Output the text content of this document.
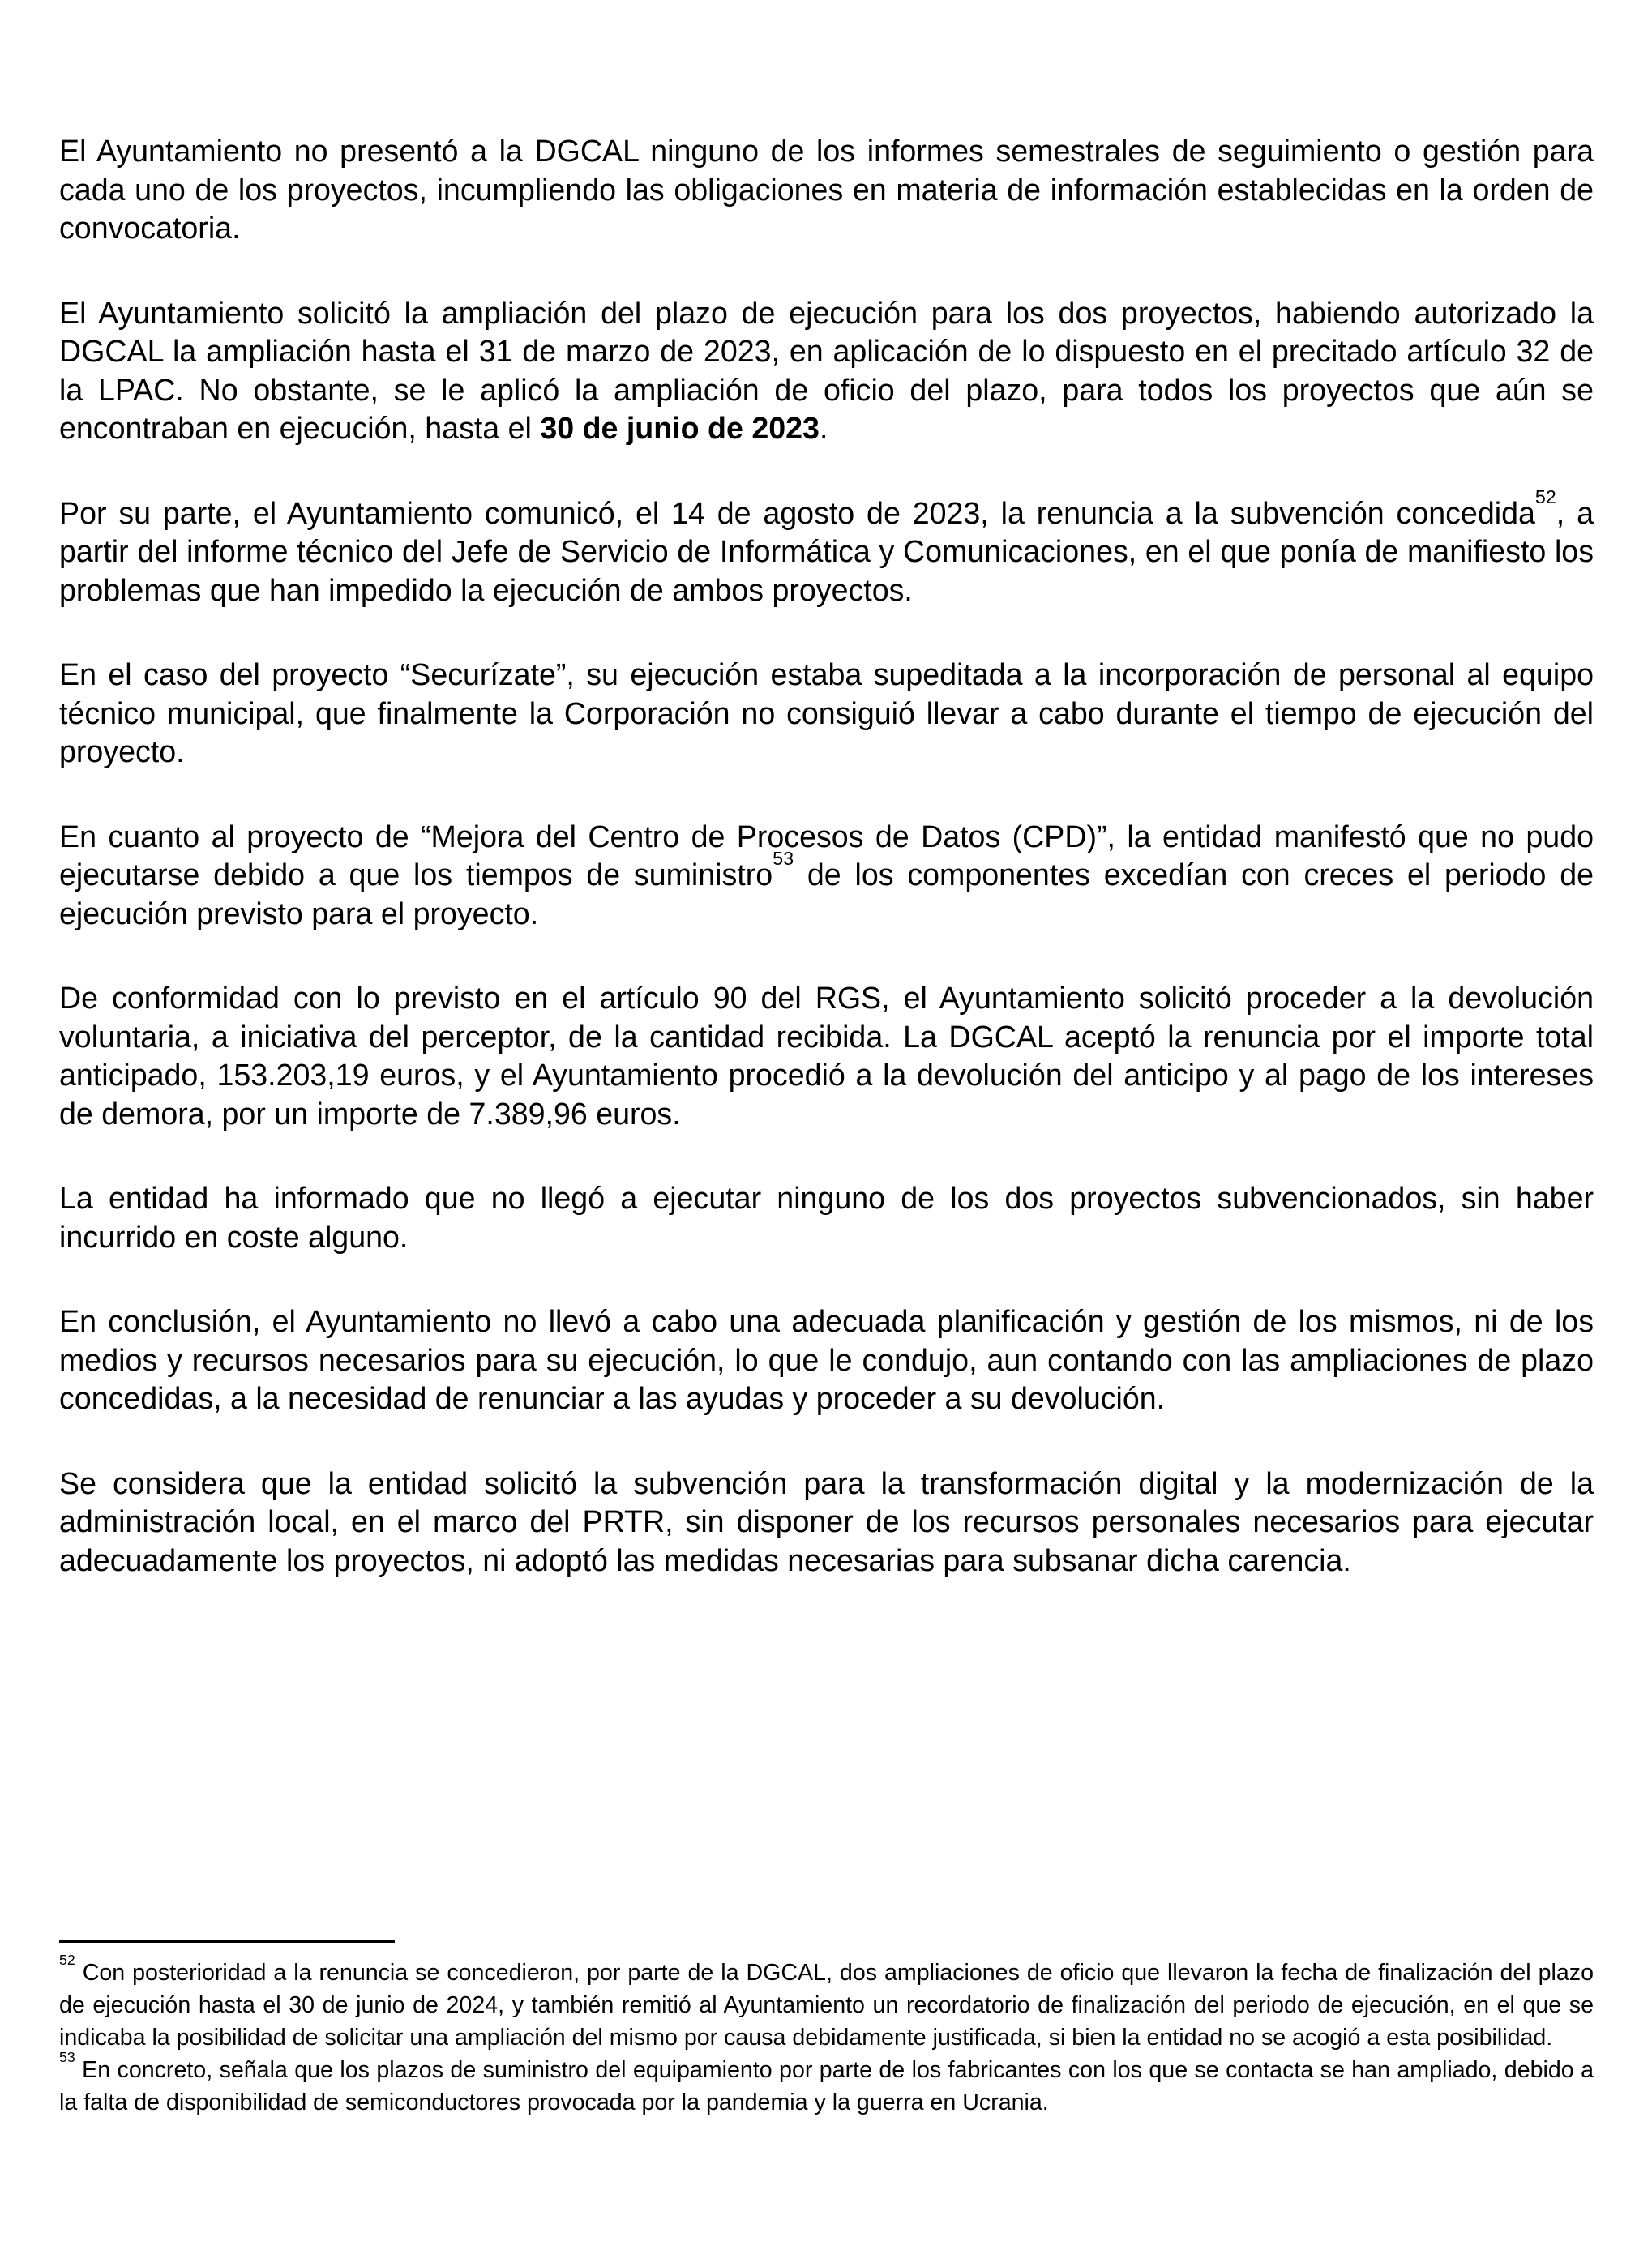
El Ayuntamiento no presentó a la DGCAL ninguno de los informes semestrales de seguimiento o gestión para cada uno de los proyectos, incumpliendo las obligaciones en materia de información establecidas en la orden de convocatoria.

El Ayuntamiento solicitó la ampliación del plazo de ejecución para los dos proyectos, habiendo autorizado la DGCAL la ampliación hasta el 31 de marzo de 2023, en aplicación de lo dispuesto en el precitado artículo 32 de la LPAC. No obstante, se le aplicó la ampliación de oficio del plazo, para todos los proyectos que aún se encontraban en ejecución, hasta el 30 de junio de 2023.

Por su parte, el Ayuntamiento comunicó, el 14 de agosto de 2023, la renuncia a la subvención concedida$^{52}$, a partir del informe técnico del Jefe de Servicio de Informática y Comunicaciones, en el que ponía de manifiesto los problemas que han impedido la ejecución de ambos proyectos.

En el caso del proyecto “Securízate”, su ejecución estaba supeditada a la incorporación de personal al equipo técnico municipal, que finalmente la Corporación no consiguió llevar a cabo durante el tiempo de ejecución del proyecto.

En cuanto al proyecto de “Mejora del Centro de Procesos de Datos (CPD)”, la entidad manifestó que no pudo ejecutarse debido a que los tiempos de suministro$^{53}$ de los componentes excedían con creces el periodo de ejecución previsto para el proyecto.

De conformidad con lo previsto en el artículo 90 del RGS, el Ayuntamiento solicitó proceder a la devolución voluntaria, a iniciativa del perceptor, de la cantidad recibida. La DGCAL aceptó la renuncia por el importe total anticipado, 153.203,19 euros, y el Ayuntamiento procedió a la devolución del anticipo y al pago de los intereses de demora, por un importe de 7.389,96 euros.

La entidad ha informado que no llegó a ejecutar ninguno de los dos proyectos subvencionados, sin haber incurrido en coste alguno.

En conclusión, el Ayuntamiento no llevó a cabo una adecuada planificación y gestión de los mismos, ni de los medios y recursos necesarios para su ejecución, lo que le condujo, aun contando con las ampliaciones de plazo concedidas, a la necesidad de renunciar a las ayudas y proceder a su devolución.

Se considera que la entidad solicitó la subvención para la transformación digital y la modernización de la administración local, en el marco del PRTR, sin disponer de los recursos personales necesarios para ejecutar adecuadamente los proyectos, ni adoptó las medidas necesarias para subsanar dicha carencia.

$^{52}$ Con posterioridad a la renuncia se concedieron, por parte de la DGCAL, dos ampliaciones de oficio que llevaron la fecha de finalización del plazo de ejecución hasta el 30 de junio de 2024, y también remitió al Ayuntamiento un recordatorio de finalización del periodo de ejecución, en el que se indicaba la posibilidad de solicitar una ampliación del mismo por causa debidamente justificada, si bien la entidad no se acogió a esta posibilidad.

$^{53}$ En concreto, señala que los plazos de suministro del equipamiento por parte de los fabricantes con los que se contacta se han ampliado, debido a la falta de disponibilidad de semiconductores provocada por la pandemia y la guerra en Ucrania.
